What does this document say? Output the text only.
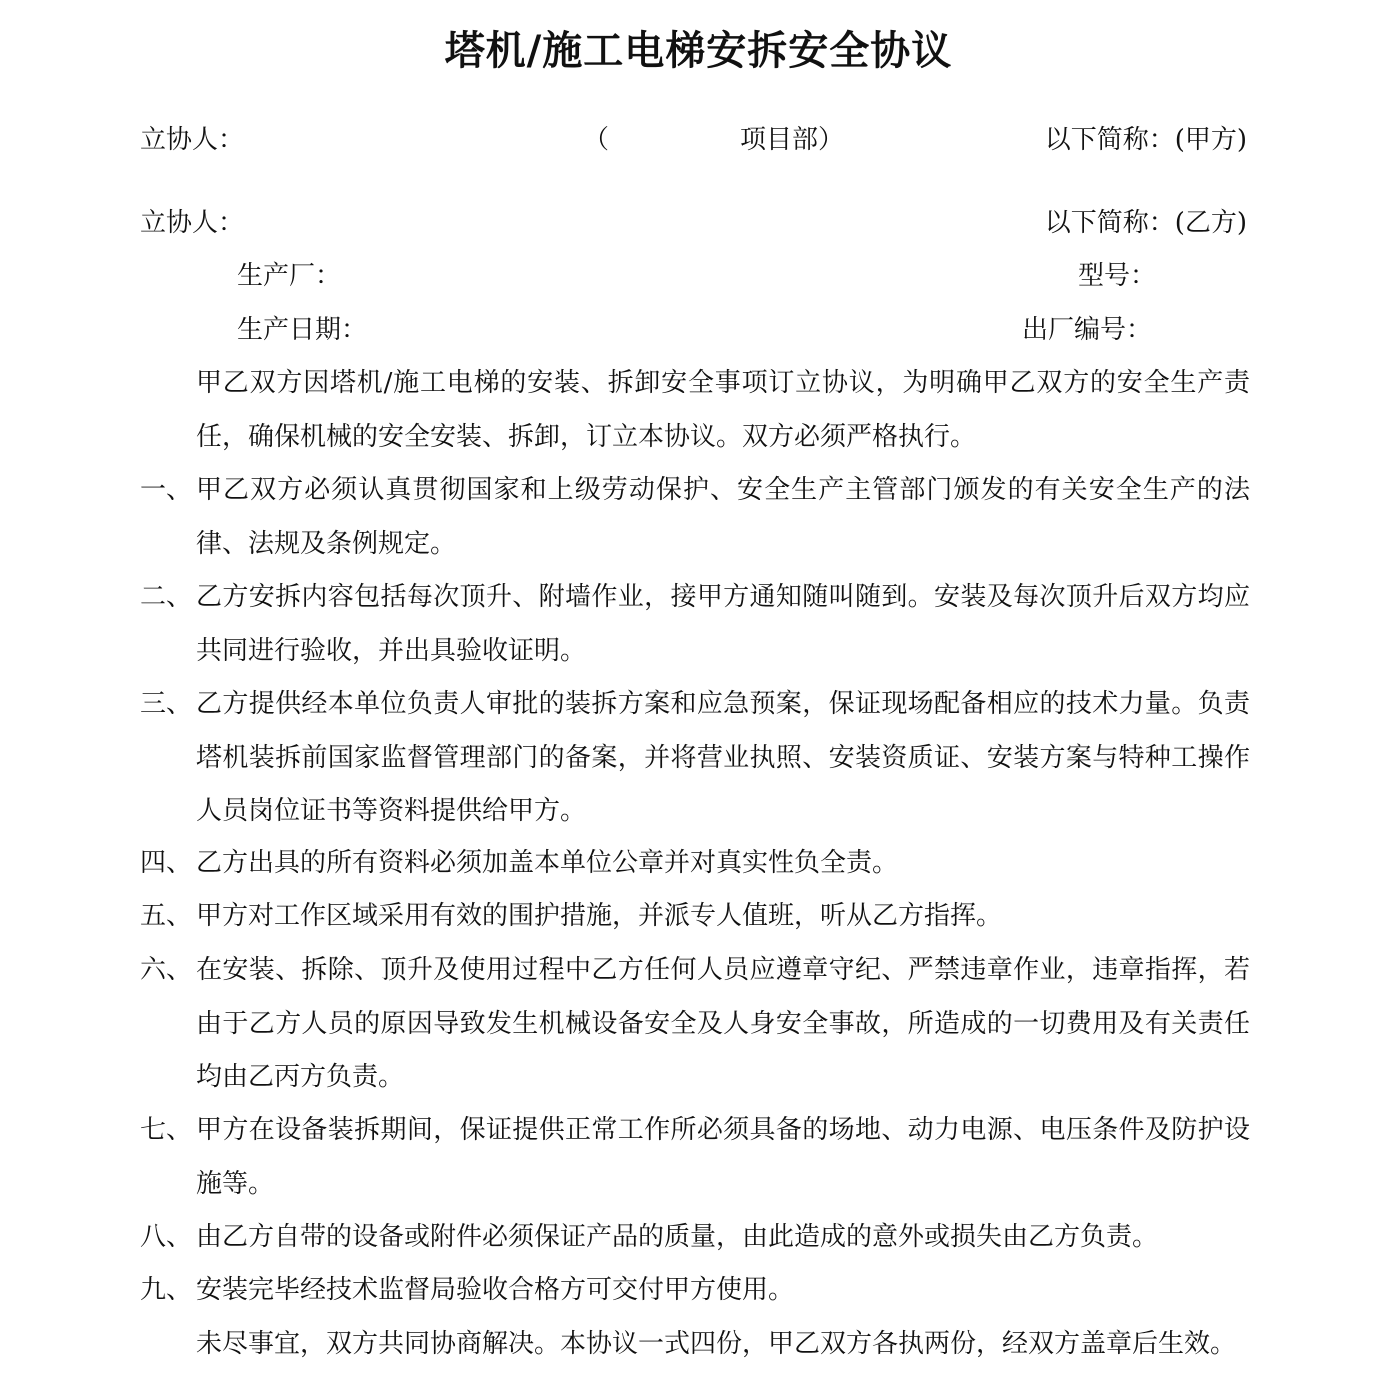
塔机/施工电梯安拆安全协议
立协人：	（	项目部）	以下简称：(甲方)
立协人：	以下简称：(乙方)
生产厂：	型号：
生产日期：	出厂编号：
甲乙双方因塔机/施工电梯的安装、拆卸安全事项订立协议，为明确甲乙双方的安全生产责任，确保机械的安全安装、拆卸，订立本协议。双方必须严格执行。
一、 甲乙双方必须认真贯彻国家和上级劳动保护、安全生产主管部门颁发的有关安全生产的法律、法规及条例规定。
二、 乙方安拆内容包括每次顶升、附墙作业，接甲方通知随叫随到。安装及每次顶升后双方均应共同进行验收，并出具验收证明。
三、 乙方提供经本单位负责人审批的装拆方案和应急预案，保证现场配备相应的技术力量。负责塔机装拆前国家监督管理部门的备案，并将营业执照、安装资质证、安装方案与特种工操作人员岗位证书等资料提供给甲方。
四、 乙方出具的所有资料必须加盖本单位公章并对真实性负全责。
五、 甲方对工作区域采用有效的围护措施，并派专人值班，听从乙方指挥。
六、 在安装、拆除、顶升及使用过程中乙方任何人员应遵章守纪、严禁违章作业，违章指挥，若由于乙方人员的原因导致发生机械设备安全及人身安全事故，所造成的一切费用及有关责任均由乙丙方负责。
七、 甲方在设备装拆期间，保证提供正常工作所必须具备的场地、动力电源、电压条件及防护设施等。
八、 由乙方自带的设备或附件必须保证产品的质量，由此造成的意外或损失由乙方负责。
九、 安装完毕经技术监督局验收合格方可交付甲方使用。
未尽事宜，双方共同协商解决。本协议一式四份，甲乙双方各执两份，经双方盖章后生效。
